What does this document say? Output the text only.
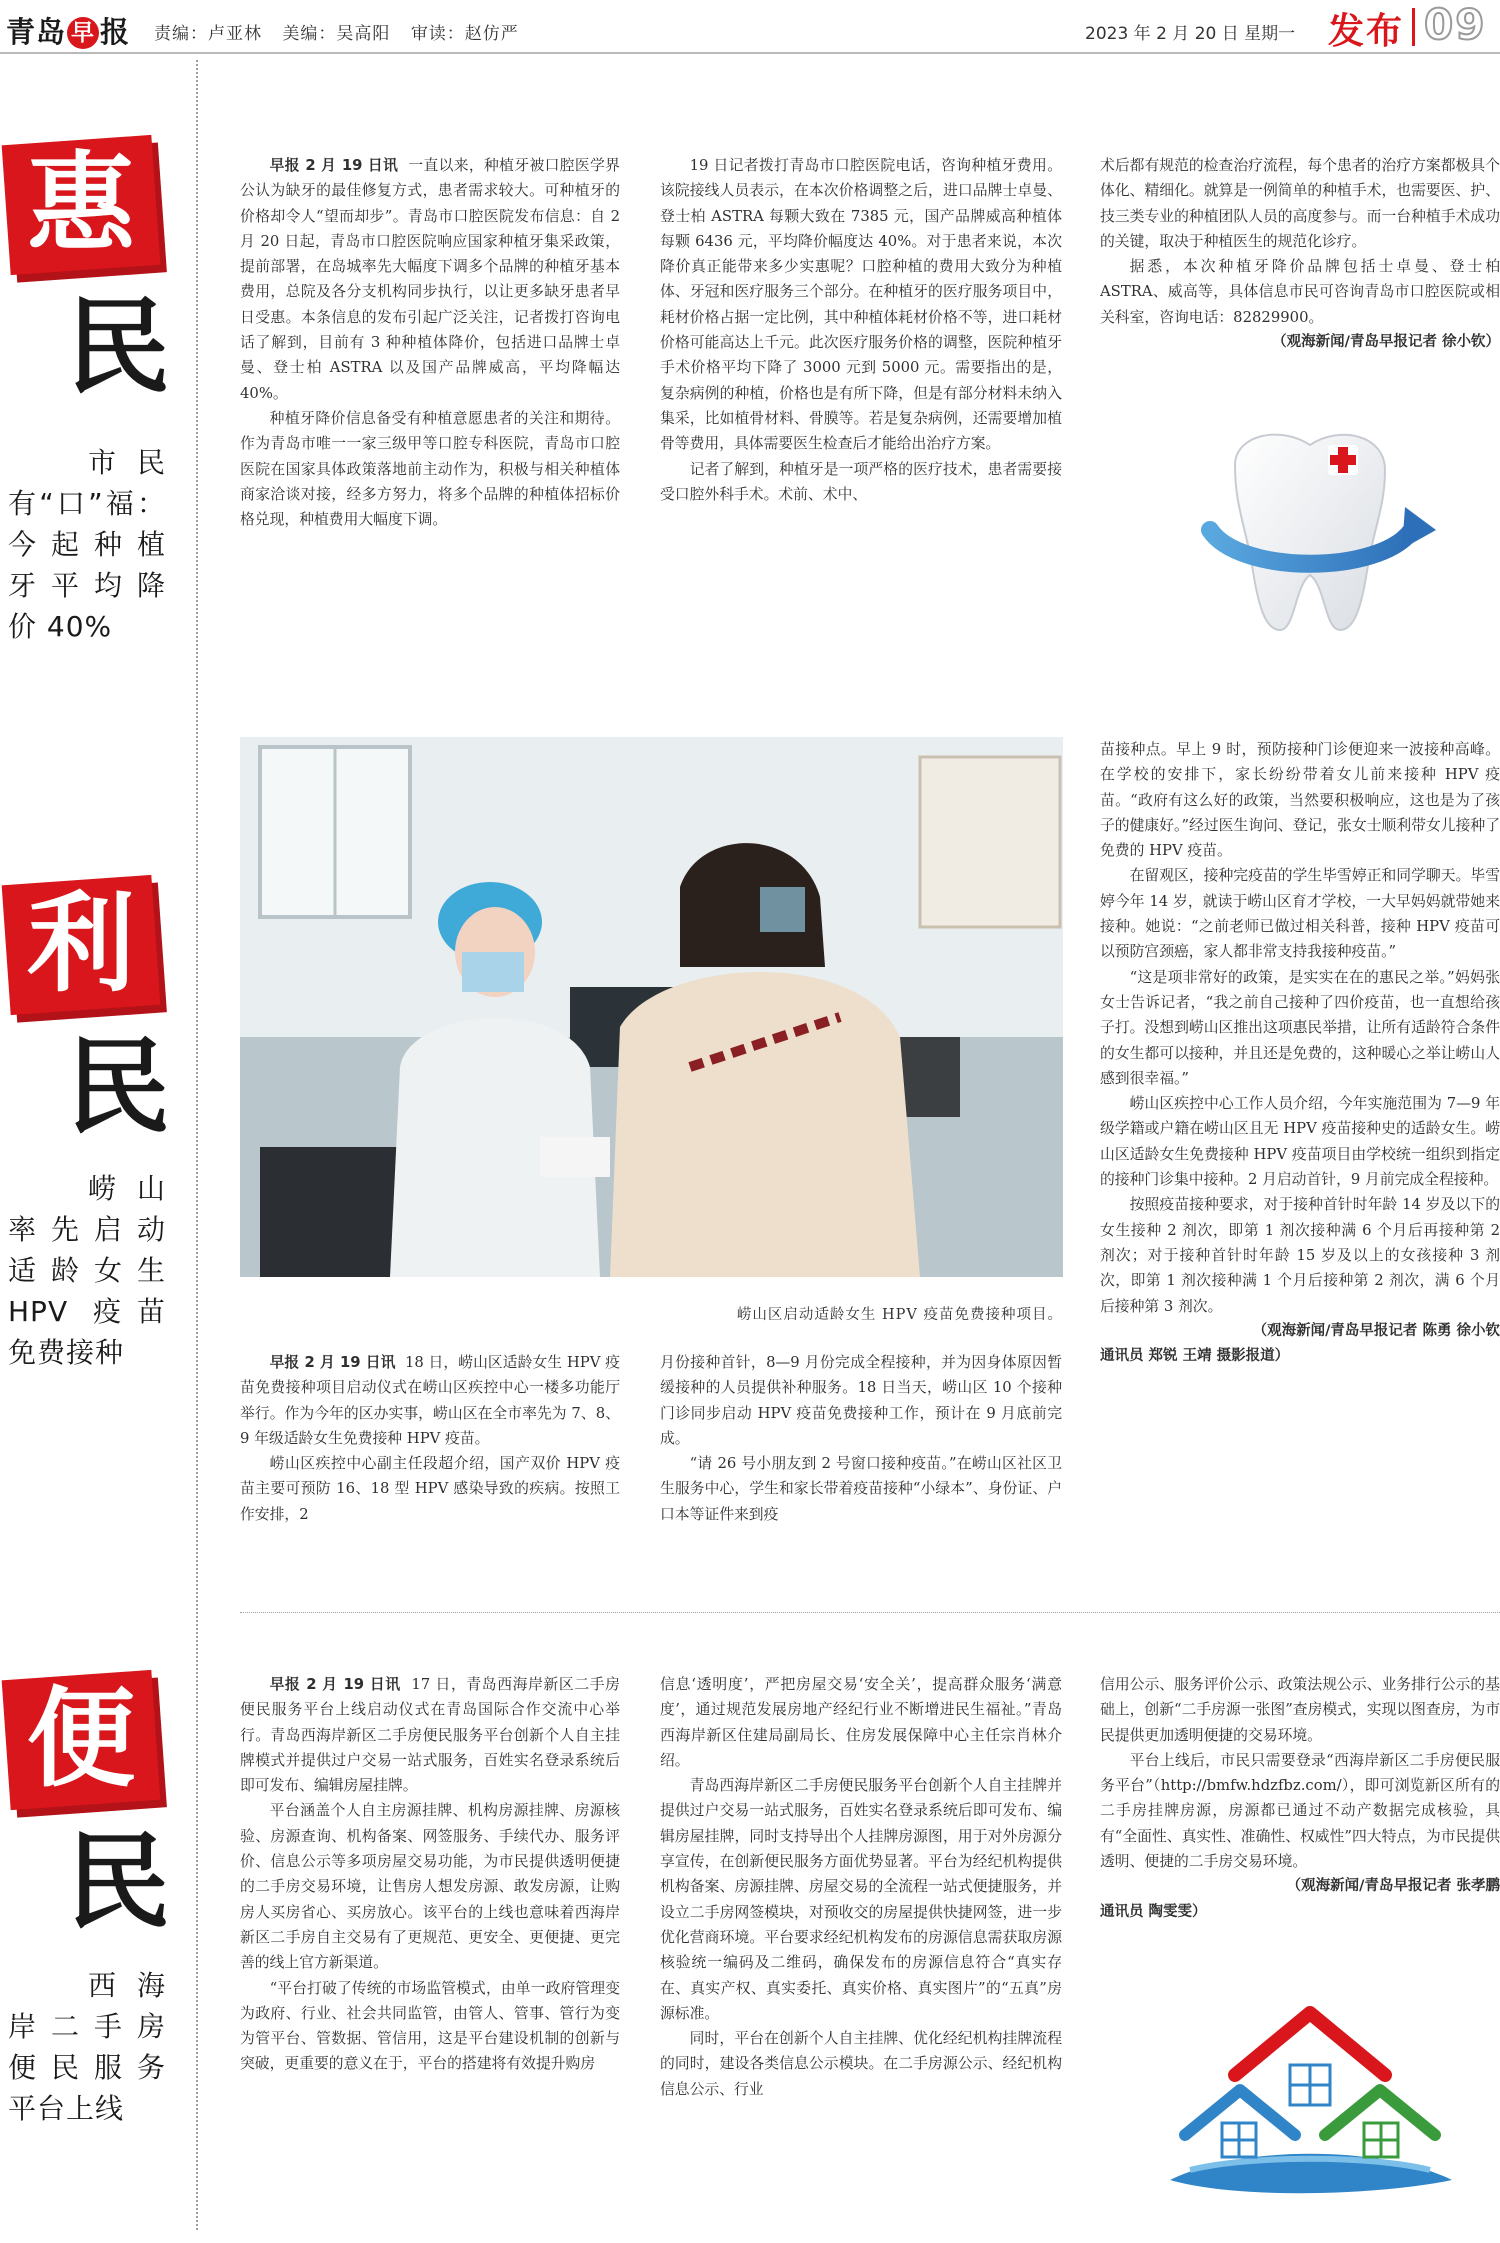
青岛 早 报 责编：卢亚林 美编：吴高阳 审读：赵仿严	2023 年 2 月 20 日 星期一 发布 09
惠
民
市民
有“口”福：
今起种植
牙平均降
价 40%
利
民
崂山
率先启动
适龄女生
HPV 疫苗
免费接种
便
民
西海
岸二手房
便民服务
平台上线

早报 2 月 19 日讯 一直以来，种植牙被口腔医学界公认为缺牙的最佳修复方式，患者需求较大。可种植牙的价格却令人“望而却步”。青岛市口腔医院发布信息：自 2 月 20 日起，青岛市口腔医院响应国家种植牙集采政策，提前部署，在岛城率先大幅度下调多个品牌的种植牙基本费用，总院及各分支机构同步执行，以让更多缺牙患者早日受惠。本条信息的发布引起广泛关注，记者拨打咨询电话了解到，目前有 3 种种植体降价，包括进口品牌士卓曼、登士柏 ASTRA 以及国产品牌威高，平均降幅达 40%。

种植牙降价信息备受有种植意愿患者的关注和期待。作为青岛市唯一一家三级甲等口腔专科医院，青岛市口腔医院在国家具体政策落地前主动作为，积极与相关种植体商家洽谈对接，经多方努力，将多个品牌的种植体招标价格兑现，种植费用大幅度下调。

19 日记者拨打青岛市口腔医院电话，咨询种植牙费用。该院接线人员表示，在本次价格调整之后，进口品牌士卓曼、登士柏 ASTRA 每颗大致在 7385 元，国产品牌威高种植体每颗 6436 元，平均降价幅度达 40%。对于患者来说，本次降价真正能带来多少实惠呢？口腔种植的费用大致分为种植体、牙冠和医疗服务三个部分。在种植牙的医疗服务项目中，耗材价格占据一定比例，其中种植体耗材价格不等，进口耗材价格可能高达上千元。此次医疗服务价格的调整，医院种植牙手术价格平均下降了 3000 元到 5000 元。需要指出的是，复杂病例的种植，价格也是有所下降，但是有部分材料未纳入集采，比如植骨材料、骨膜等。若是复杂病例，还需要增加植骨等费用，具体需要医生检查后才能给出治疗方案。

记者了解到，种植牙是一项严格的医疗技术，患者需要接受口腔外科手术。术前、术中、

术后都有规范的检查治疗流程，每个患者的治疗方案都极具个体化、精细化。就算是一例简单的种植手术，也需要医、护、技三类专业的种植团队人员的高度参与。而一台种植手术成功的关键，取决于种植医生的规范化诊疗。

据悉，本次种植牙降价品牌包括士卓曼、登士柏 ASTRA、威高等，具体信息市民可咨询青岛市口腔医院或相关科室，咨询电话：82829900。

（观海新闻/青岛早报记者 徐小钦）

崂山区启动适龄女生 HPV 疫苗免费接种项目。

苗接种点。早上 9 时，预防接种门诊便迎来一波接种高峰。在学校的安排下，家长纷纷带着女儿前来接种 HPV 疫苗。“政府有这么好的政策，当然要积极响应，这也是为了孩子的健康好。”经过医生询问、登记，张女士顺利带女儿接种了免费的 HPV 疫苗。

在留观区，接种完疫苗的学生毕雪婷正和同学聊天。毕雪婷今年 14 岁，就读于崂山区育才学校，一大早妈妈就带她来接种。她说：“之前老师已做过相关科普，接种 HPV 疫苗可以预防宫颈癌，家人都非常支持我接种疫苗。”

“这是项非常好的政策，是实实在在的惠民之举。”妈妈张女士告诉记者，“我之前自己接种了四价疫苗，也一直想给孩子打。没想到崂山区推出这项惠民举措，让所有适龄符合条件的女生都可以接种，并且还是免费的，这种暖心之举让崂山人感到很幸福。”

崂山区疾控中心工作人员介绍，今年实施范围为 7—9 年级学籍或户籍在崂山区且无 HPV 疫苗接种史的适龄女生。崂山区适龄女生免费接种 HPV 疫苗项目由学校统一组织到指定的接种门诊集中接种。2 月启动首针，9 月前完成全程接种。

按照疫苗接种要求，对于接种首针时年龄 14 岁及以下的女生接种 2 剂次，即第 1 剂次接种满 6 个月后再接种第 2 剂次；对于接种首针时年龄 15 岁及以上的女孩接种 3 剂次，即第 1 剂次接种满 1 个月后接种第 2 剂次，满 6 个月后接种第 3 剂次。

（观海新闻/青岛早报记者 陈勇 徐小钦

通讯员 郑锐 王靖 摄影报道）

早报 2 月 19 日讯 18 日，崂山区适龄女生 HPV 疫苗免费接种项目启动仪式在崂山区疾控中心一楼多功能厅举行。作为今年的区办实事，崂山区在全市率先为 7、8、9 年级适龄女生免费接种 HPV 疫苗。

崂山区疾控中心副主任段超介绍，国产双价 HPV 疫苗主要可预防 16、18 型 HPV 感染导致的疾病。按照工作安排，2

月份接种首针，8—9 月份完成全程接种，并为因身体原因暂缓接种的人员提供补种服务。18 日当天，崂山区 10 个接种门诊同步启动 HPV 疫苗免费接种工作，预计在 9 月底前完成。

“请 26 号小朋友到 2 号窗口接种疫苗。”在崂山区社区卫生服务中心，学生和家长带着疫苗接种“小绿本”、身份证、户口本等证件来到疫

早报 2 月 19 日讯 17 日，青岛西海岸新区二手房便民服务平台上线启动仪式在青岛国际合作交流中心举行。青岛西海岸新区二手房便民服务平台创新个人自主挂牌模式并提供过户交易一站式服务，百姓实名登录系统后即可发布、编辑房屋挂牌。

平台涵盖个人自主房源挂牌、机构房源挂牌、房源核验、房源查询、机构备案、网签服务、手续代办、服务评价、信息公示等多项房屋交易功能，为市民提供透明便捷的二手房交易环境，让售房人想发房源、敢发房源，让购房人买房省心、买房放心。该平台的上线也意味着西海岸新区二手房自主交易有了更规范、更安全、更便捷、更完善的线上官方新渠道。

“平台打破了传统的市场监管模式，由单一政府管理变为政府、行业、社会共同监管，由管人、管事、管行为变为管平台、管数据、管信用，这是平台建设机制的创新与突破，更重要的意义在于，平台的搭建将有效提升购房

信息‘透明度’，严把房屋交易‘安全关’，提高群众服务‘满意度’，通过规范发展房地产经纪行业不断增进民生福祉。”青岛西海岸新区住建局副局长、住房发展保障中心主任宗肖林介绍。

青岛西海岸新区二手房便民服务平台创新个人自主挂牌并提供过户交易一站式服务，百姓实名登录系统后即可发布、编辑房屋挂牌，同时支持导出个人挂牌房源图，用于对外房源分享宣传，在创新便民服务方面优势显著。平台为经纪机构提供机构备案、房源挂牌、房屋交易的全流程一站式便捷服务，并设立二手房网签模块，对预收交的房屋提供快捷网签，进一步优化营商环境。平台要求经纪机构发布的房源信息需获取房源核验统一编码及二维码，确保发布的房源信息符合“真实存在、真实产权、真实委托、真实价格、真实图片”的“五真”房源标准。

同时，平台在创新个人自主挂牌、优化经纪机构挂牌流程的同时，建设各类信息公示模块。在二手房源公示、经纪机构信息公示、行业

信用公示、服务评价公示、政策法规公示、业务排行公示的基础上，创新“二手房源一张图”查房模式，实现以图查房，为市民提供更加透明便捷的交易环境。

平台上线后，市民只需要登录“西海岸新区二手房便民服务平台”（http://bmfw.hdzfbz.com/），即可浏览新区所有的二手房挂牌房源，房源都已通过不动产数据完成核验，具有“全面性、真实性、准确性、权威性”四大特点，为市民提供透明、便捷的二手房交易环境。

（观海新闻/青岛早报记者 张孝鹏

通讯员 陶雯雯）
